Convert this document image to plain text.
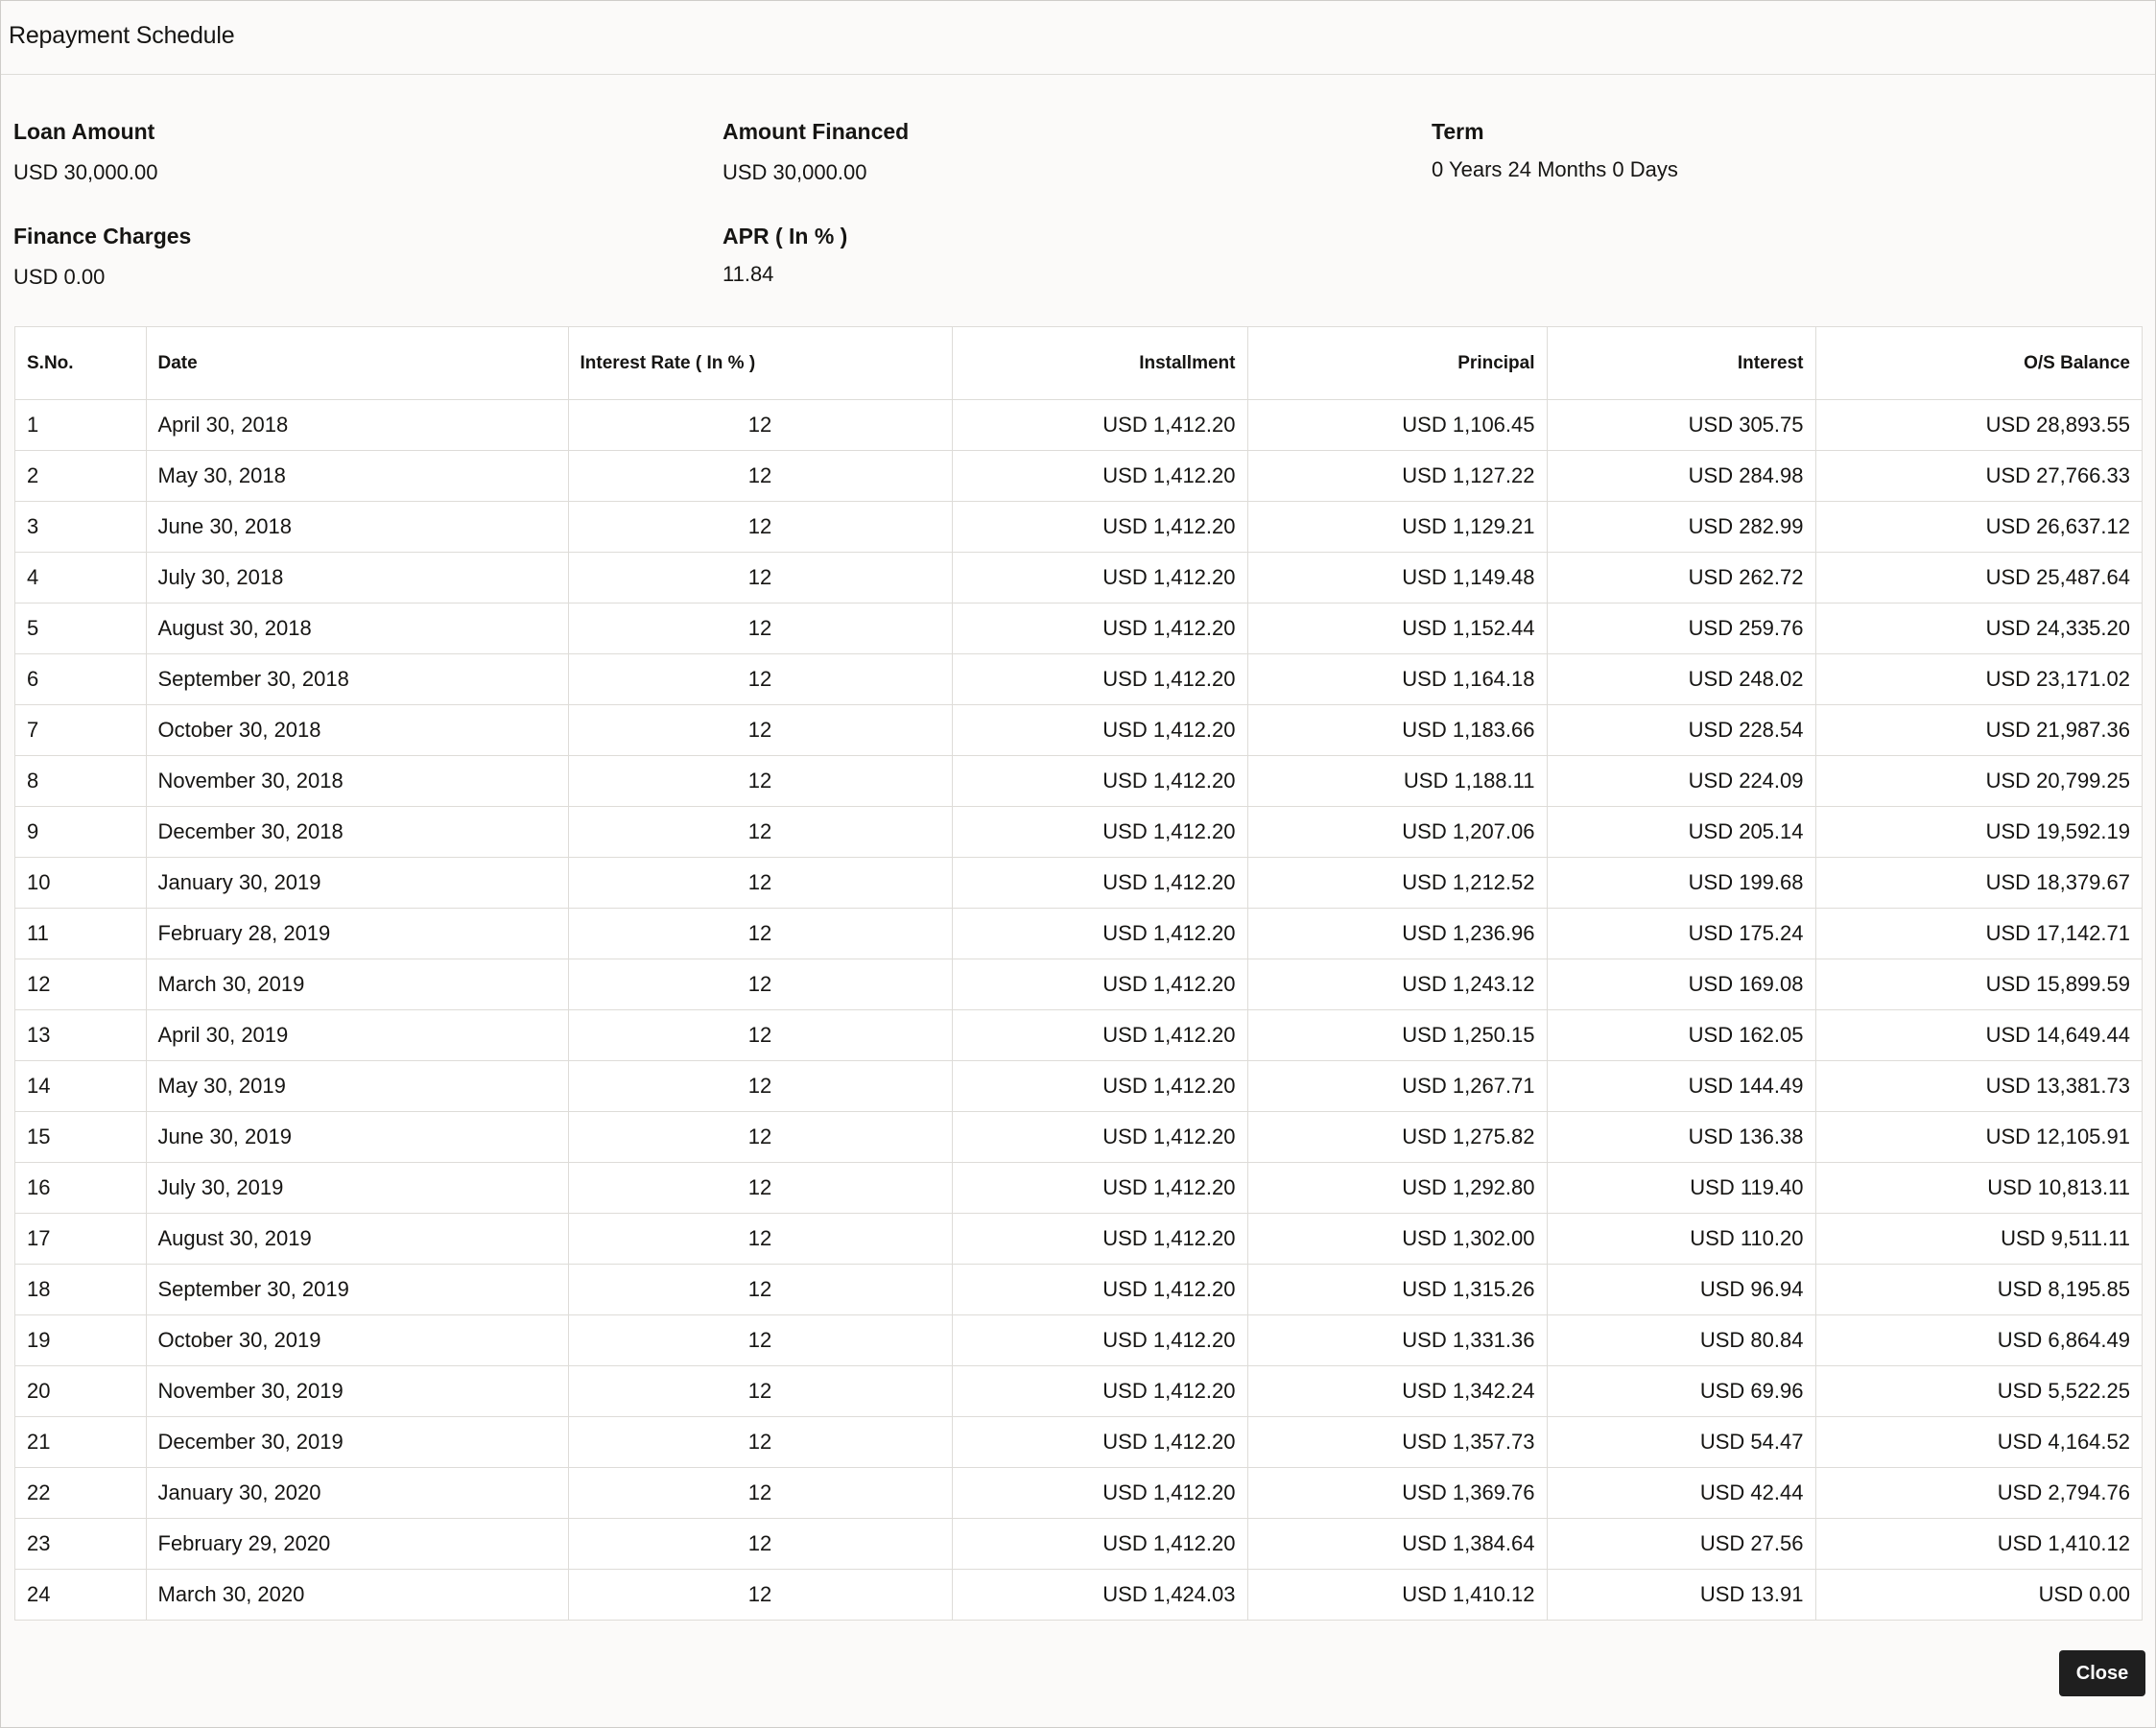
Repayment Schedule
Loan Amount
USD 30,000.00
Amount Financed
USD 30,000.00
Term
0 Years 24 Months 0 Days
Finance Charges
USD 0.00
APR ( In % )
11.84
S.No.	Date	Interest Rate ( In % )	Installment	Principal	Interest	O/S Balance
1	April 30, 2018	12	USD 1,412.20	USD 1,106.45	USD 305.75	USD 28,893.55
2	May 30, 2018	12	USD 1,412.20	USD 1,127.22	USD 284.98	USD 27,766.33
3	June 30, 2018	12	USD 1,412.20	USD 1,129.21	USD 282.99	USD 26,637.12
4	July 30, 2018	12	USD 1,412.20	USD 1,149.48	USD 262.72	USD 25,487.64
5	August 30, 2018	12	USD 1,412.20	USD 1,152.44	USD 259.76	USD 24,335.20
6	September 30, 2018	12	USD 1,412.20	USD 1,164.18	USD 248.02	USD 23,171.02
7	October 30, 2018	12	USD 1,412.20	USD 1,183.66	USD 228.54	USD 21,987.36
8	November 30, 2018	12	USD 1,412.20	USD 1,188.11	USD 224.09	USD 20,799.25
9	December 30, 2018	12	USD 1,412.20	USD 1,207.06	USD 205.14	USD 19,592.19
10	January 30, 2019	12	USD 1,412.20	USD 1,212.52	USD 199.68	USD 18,379.67
11	February 28, 2019	12	USD 1,412.20	USD 1,236.96	USD 175.24	USD 17,142.71
12	March 30, 2019	12	USD 1,412.20	USD 1,243.12	USD 169.08	USD 15,899.59
13	April 30, 2019	12	USD 1,412.20	USD 1,250.15	USD 162.05	USD 14,649.44
14	May 30, 2019	12	USD 1,412.20	USD 1,267.71	USD 144.49	USD 13,381.73
15	June 30, 2019	12	USD 1,412.20	USD 1,275.82	USD 136.38	USD 12,105.91
16	July 30, 2019	12	USD 1,412.20	USD 1,292.80	USD 119.40	USD 10,813.11
17	August 30, 2019	12	USD 1,412.20	USD 1,302.00	USD 110.20	USD 9,511.11
18	September 30, 2019	12	USD 1,412.20	USD 1,315.26	USD 96.94	USD 8,195.85
19	October 30, 2019	12	USD 1,412.20	USD 1,331.36	USD 80.84	USD 6,864.49
20	November 30, 2019	12	USD 1,412.20	USD 1,342.24	USD 69.96	USD 5,522.25
21	December 30, 2019	12	USD 1,412.20	USD 1,357.73	USD 54.47	USD 4,164.52
22	January 30, 2020	12	USD 1,412.20	USD 1,369.76	USD 42.44	USD 2,794.76
23	February 29, 2020	12	USD 1,412.20	USD 1,384.64	USD 27.56	USD 1,410.12
24	March 30, 2020	12	USD 1,424.03	USD 1,410.12	USD 13.91	USD 0.00
Close
